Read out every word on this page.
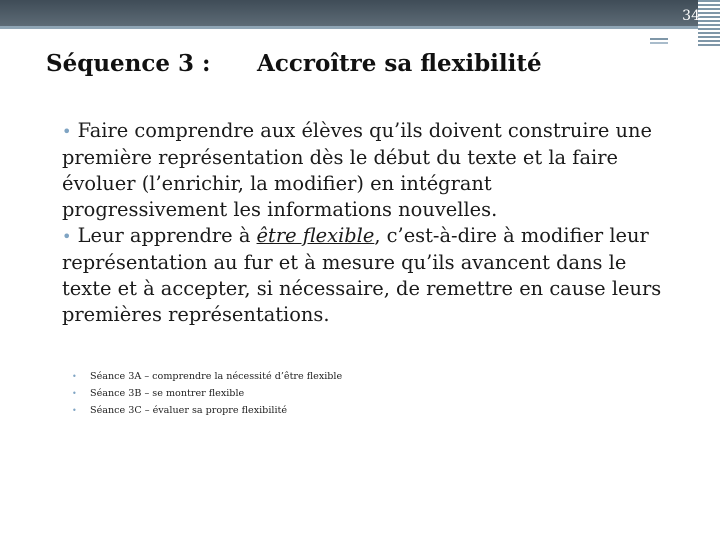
34
Séquence 3 : Accroître sa flexibilité

• Faire comprendre aux élèves qu’ils doivent construire une première représentation dès le début du texte et la faire évoluer (l’enrichir, la modifier) en intégrant progressivement les informations nouvelles.

• Leur apprendre à être flexible, c’est-à-dire à modifier leur représentation au fur et à mesure qu’ils avancent dans le texte et à accepter, si nécessaire, de remettre en cause leurs premières représentations.

• Séance 3A – comprendre la nécessité d’être flexible
• Séance 3B – se montrer flexible
• Séance 3C – évaluer sa propre flexibilité
